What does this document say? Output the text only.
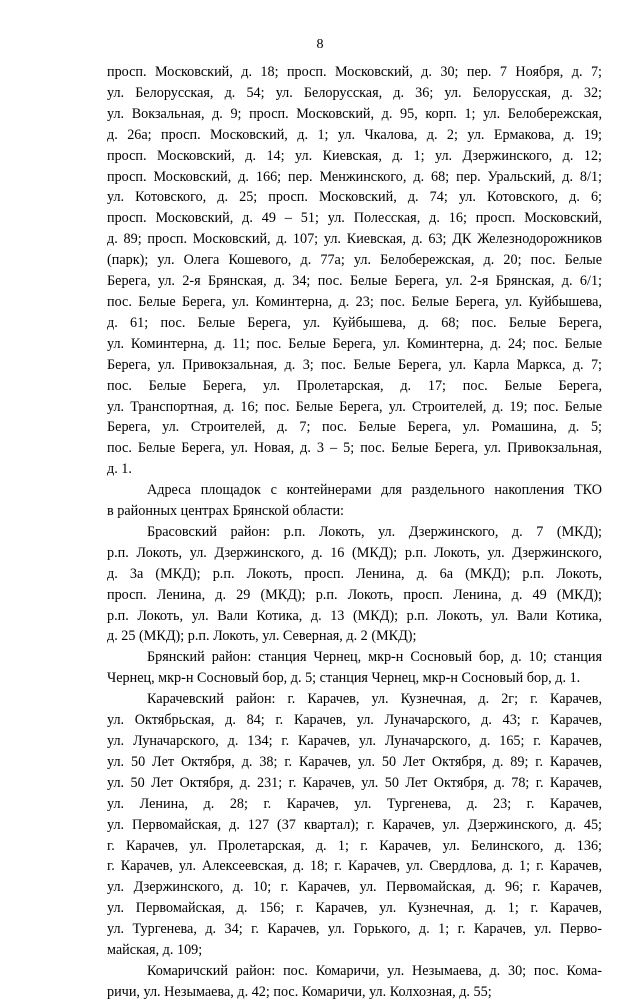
8
просп. Московский, д. 18; просп. Московский, д. 30; пер. 7 Ноября, д. 7;
ул. Белорусская, д. 54; ул. Белорусская, д. 36; ул. Белорусская, д. 32;
ул. Вокзальная, д. 9; просп. Московский, д. 95, корп. 1; ул. Белобережская,
д. 26а; просп. Московский, д. 1; ул. Чкалова, д. 2; ул. Ермакова, д. 19;
просп. Московский, д. 14; ул. Киевская, д. 1; ул. Дзержинского, д. 12;
просп. Московский, д. 166; пер. Менжинского, д. 68; пер. Уральский, д. 8/1;
ул. Котовского, д. 25; просп. Московский, д. 74; ул. Котовского, д. 6;
просп. Московский, д. 49 – 51; ул. Полесская, д. 16; просп. Московский,
д. 89; просп. Московский, д. 107; ул. Киевская, д. 63; ДК Железнодорожников
(парк); ул. Олега Кошевого, д. 77а; ул. Белобережская, д. 20; пос. Белые
Берега, ул. 2-я Брянская, д. 34; пос. Белые Берега, ул. 2-я Брянская, д. 6/1;
пос. Белые Берега, ул. Коминтерна, д. 23; пос. Белые Берега, ул. Куйбышева,
д. 61; пос. Белые Берега, ул. Куйбышева, д. 68; пос. Белые Берега,
ул. Коминтерна, д. 11; пос. Белые Берега, ул. Коминтерна, д. 24; пос. Белые
Берега, ул. Привокзальная, д. 3; пос. Белые Берега, ул. Карла Маркса, д. 7;
пос. Белые Берега, ул. Пролетарская, д. 17; пос. Белые Берега,
ул. Транспортная, д. 16; пос. Белые Берега, ул. Строителей, д. 19; пос. Белые
Берега, ул. Строителей, д. 7; пос. Белые Берега, ул. Ромашина, д. 5;
пос. Белые Берега, ул. Новая, д. 3 – 5; пос. Белые Берега, ул. Привокзальная,
д. 1.
Адреса площадок с контейнерами для раздельного накопления ТКО
в районных центрах Брянской области:
Брасовский район: р.п. Локоть, ул. Дзержинского, д. 7 (МКД);
р.п. Локоть, ул. Дзержинского, д. 16 (МКД); р.п. Локоть, ул. Дзержинского,
д. 3а (МКД); р.п. Локоть, просп. Ленина, д. 6а (МКД); р.п. Локоть,
просп. Ленина, д. 29 (МКД); р.п. Локоть, просп. Ленина, д. 49 (МКД);
р.п. Локоть, ул. Вали Котика, д. 13 (МКД); р.п. Локоть, ул. Вали Котика,
д. 25 (МКД); р.п. Локоть, ул. Северная, д. 2 (МКД);
Брянский район: станция Чернец, мкр-н Сосновый бор, д. 10; станция
Чернец, мкр-н Сосновый бор, д. 5; станция Чернец, мкр-н Сосновый бор, д. 1.
Карачевский район: г. Карачев, ул. Кузнечная, д. 2г; г. Карачев,
ул. Октябрьская, д. 84; г. Карачев, ул. Луначарского, д. 43; г. Карачев,
ул. Луначарского, д. 134; г. Карачев, ул. Луначарского, д. 165; г. Карачев,
ул. 50 Лет Октября, д. 38; г. Карачев, ул. 50 Лет Октября, д. 89; г. Карачев,
ул. 50 Лет Октября, д. 231; г. Карачев, ул. 50 Лет Октября, д. 78; г. Карачев,
ул. Ленина, д. 28; г. Карачев, ул. Тургенева, д. 23; г. Карачев,
ул. Первомайская, д. 127 (37 квартал); г. Карачев, ул. Дзержинского, д. 45;
г. Карачев, ул. Пролетарская, д. 1; г. Карачев, ул. Белинского, д. 136;
г. Карачев, ул. Алексеевская, д. 18; г. Карачев, ул. Свердлова, д. 1; г. Карачев,
ул. Дзержинского, д. 10; г. Карачев, ул. Первомайская, д. 96; г. Карачев,
ул. Первомайская, д. 156; г. Карачев, ул. Кузнечная, д. 1; г. Карачев,
ул. Тургенева, д. 34; г. Карачев, ул. Горького, д. 1; г. Карачев, ул. Перво-
майская, д. 109;
Комаричский район: пос. Комаричи, ул. Незымаева, д. 30; пос. Кома-
ричи, ул. Незымаева, д. 42; пос. Комаричи, ул. Колхозная, д. 55;
